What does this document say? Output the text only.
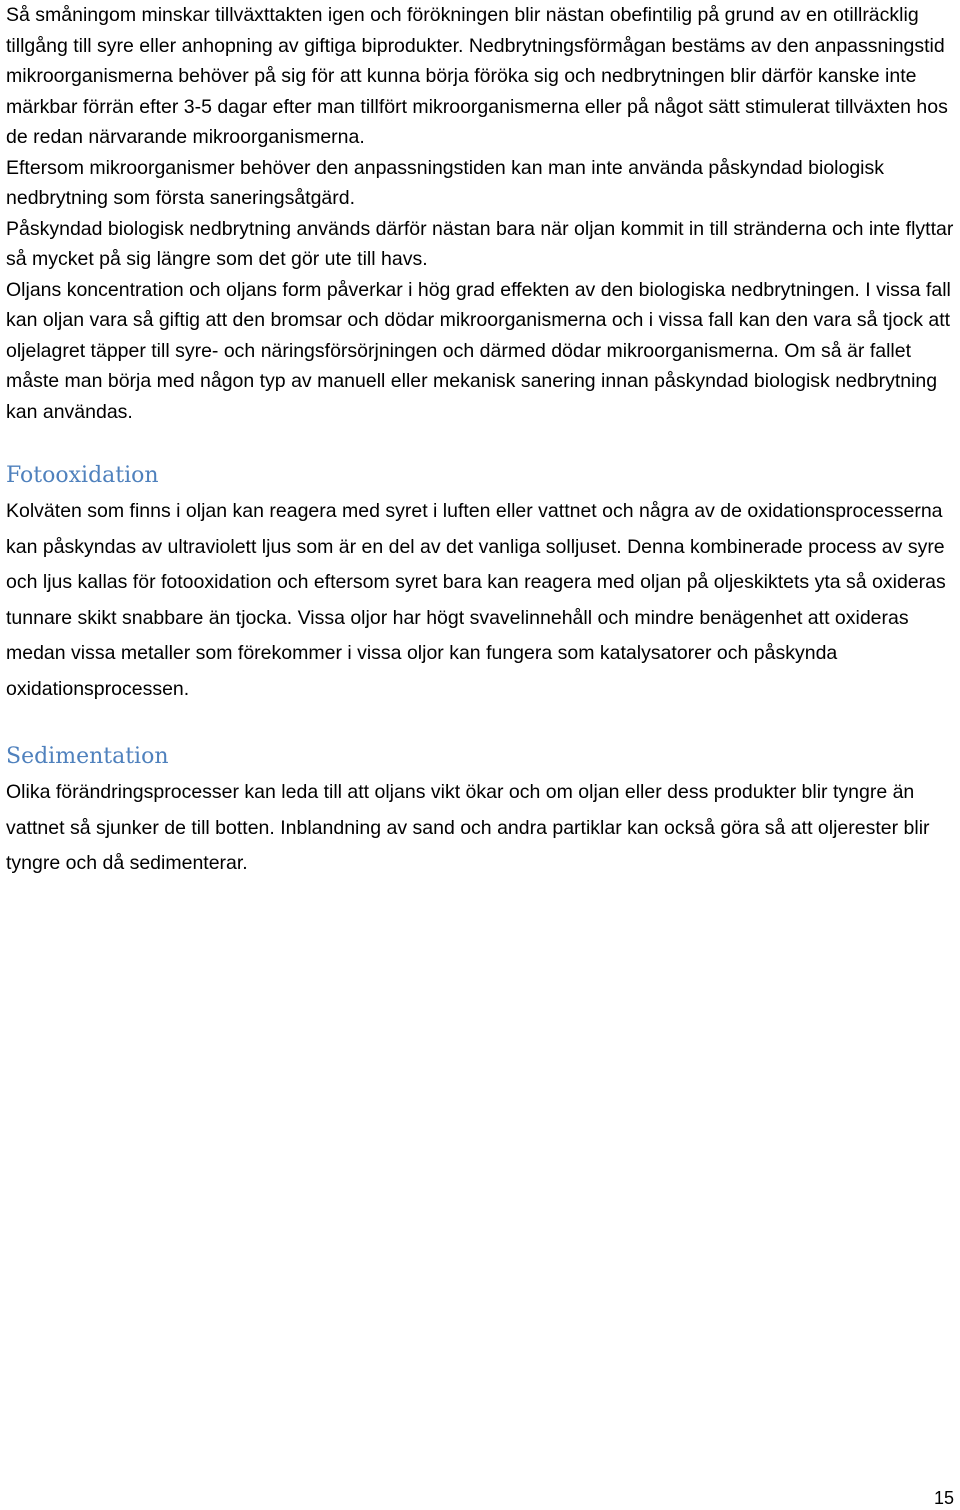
Så småningom minskar tillväxttakten igen och förökningen blir nästan obefintilig på grund av en otillräcklig tillgång till syre eller anhopning av giftiga biprodukter. Nedbrytningsförmågan bestäms av den anpassningstid mikroorganismerna behöver på sig för att kunna börja föröka sig och nedbrytningen blir därför kanske inte märkbar förrän efter 3-5 dagar efter man tillfört mikroorganismerna eller på något sätt stimulerat tillväxten hos de redan närvarande mikroorganismerna.

Eftersom mikroorganismer behöver den anpassningstiden kan man inte använda påskyndad biologisk nedbrytning som första saneringsåtgärd.

Påskyndad biologisk nedbrytning används därför nästan bara när oljan kommit in till stränderna och inte flyttar så mycket på sig längre som det gör ute till havs.

Oljans koncentration och oljans form påverkar i hög grad effekten av den biologiska nedbrytningen. I vissa fall kan oljan vara så giftig att den bromsar och dödar mikroorganismerna och i vissa fall kan den vara så tjock att oljelagret täpper till syre- och näringsförsörjningen och därmed dödar mikroorganismerna. Om så är fallet måste man börja med någon typ av manuell eller mekanisk sanering innan påskyndad biologisk nedbrytning kan användas.

Fotooxidation

Kolväten som finns i oljan kan reagera med syret i luften eller vattnet och några av de oxidationsprocesserna kan påskyndas av ultraviolett ljus som är en del av det vanliga solljuset. Denna kombinerade process av syre och ljus kallas för fotooxidation och eftersom syret bara kan reagera med oljan på oljeskiktets yta så oxideras tunnare skikt snabbare än tjocka. Vissa oljor har högt svavelinnehåll och mindre benägenhet att oxideras medan vissa metaller som förekommer i vissa oljor kan fungera som katalysatorer och påskynda oxidationsprocessen.

Sedimentation

Olika förändringsprocesser kan leda till att oljans vikt ökar och om oljan eller dess produkter blir tyngre än vattnet så sjunker de till botten. Inblandning av sand och andra partiklar kan också göra så att oljerester blir tyngre och då sedimenterar.

15
